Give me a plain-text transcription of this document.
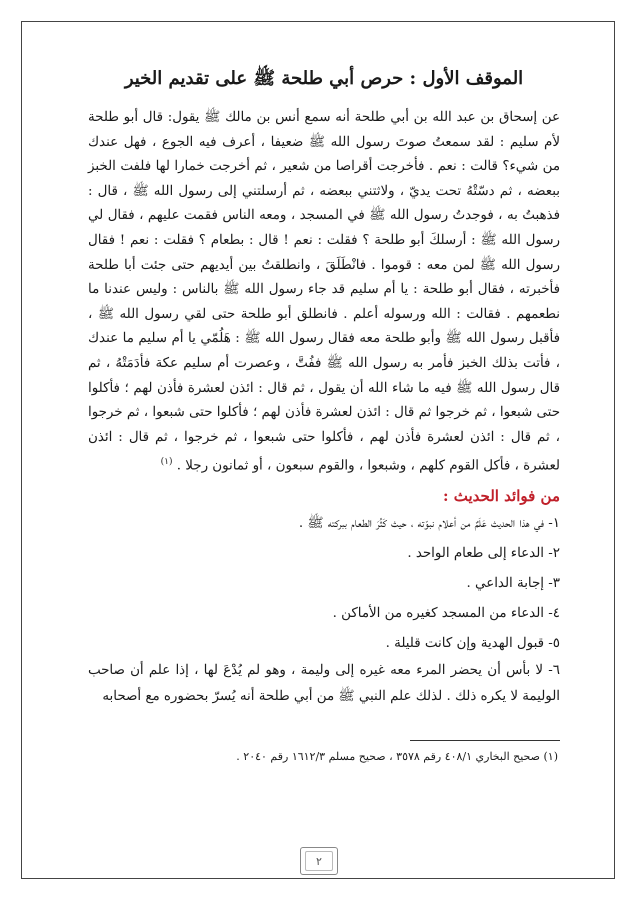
الموقف الأول : حرص أبي طلحة ﷺ على تقديم الخير
عن إسحاق بن عبد الله بن أبي طلحة أنه سمع أنس بن مالك ﷺ يقول: قال أبو طلحة لأم سليم : لقد سمعتُ صوتَ رسول الله ﷺ ضعيفا ، أعرف فيه الجوع ، فهل عندك من شيء؟ قالت : نعم . فأخرجت أقراصا من شعير ، ثم أخرجت خمارا لها فلفت الخبز ببعضه ، ثم دسّتْهُ تحت يديّ ، ولاثتني ببعضه ، ثم أرسلتني إلى رسول الله ﷺ ، قال : فذهبتُ به ، فوجدتُ رسول الله ﷺ في المسجد ، ومعه الناس فقمت عليهم ، فقال لي رسول الله ﷺ : أرسلكَ أبو طلحة ؟ فقلت : نعم ! قال : بطعام ؟ فقلت : نعم ! فقال رسول الله ﷺ لمن معه : قوموا . فانْطَلَقَ ، وانطلقتُ بين أيديهم حتى جئت أبا طلحة فأخبرته ، فقال أبو طلحة : يا أم سليم قد جاء رسول الله ﷺ بالناس : وليس عندنا ما نطعمهم . فقالت : الله ورسوله أعلم . فانطلق أبو طلحة حتى لقي رسول الله ﷺ ، فأقبل رسول الله ﷺ وأبو طلحة معه فقال رسول الله ﷺ : هَلُمّي يا أم سليم ما عندك ، فأتت بذلك الخبز فأمر به رسول الله ﷺ ففُتَّ ، وعصرت أم سليم عكة فأدَمَتْهُ ، ثم قال رسول الله ﷺ فيه ما شاء الله أن يقول ، ثم قال : ائذن لعشرة فأذن لهم ؛ فأكلوا حتى شبعوا ، ثم خرجوا ثم قال : ائذن لعشرة فأذن لهم ؛ فأكلوا حتى شبعوا ، ثم خرجوا ، ثم قال : ائذن لعشرة فأذن لهم ، فأكلوا حتى شبعوا ، ثم خرجوا ، ثم قال : ائذن لعشرة ، فأكل القوم كلهم ، وشبعوا ، والقوم سبعون ، أو ثمانون رجلا . $^{(١)}$
من فوائد الحديث :
١- في هذا الحديث عَلَمٌ من أعلام نبوّته ، حيث كَثُرَ الطعام ببركته ﷺ .
٢- الدعاء إلى طعام الواحد .
٣- إجابة الداعي .
٤- الدعاء من المسجد كغيره من الأماكن .
٥- قبول الهدية وإن كانت قليلة .
٦- لا بأس أن يحضر المرء معه غيره إلى وليمة ، وهو لم يُدْعَ لها ، إذا علم أن صاحب الوليمة لا يكره ذلك . لذلك علم النبي ﷺ من أبي طلحة أنه يُسرّ بحضوره مع أصحابه
(١) صحيح البخاري ٤٠٨/١ رقم ٣٥٧٨ ، صحيح مسلم ١٦١٢/٣ رقم ٢٠٤٠ .
٢
